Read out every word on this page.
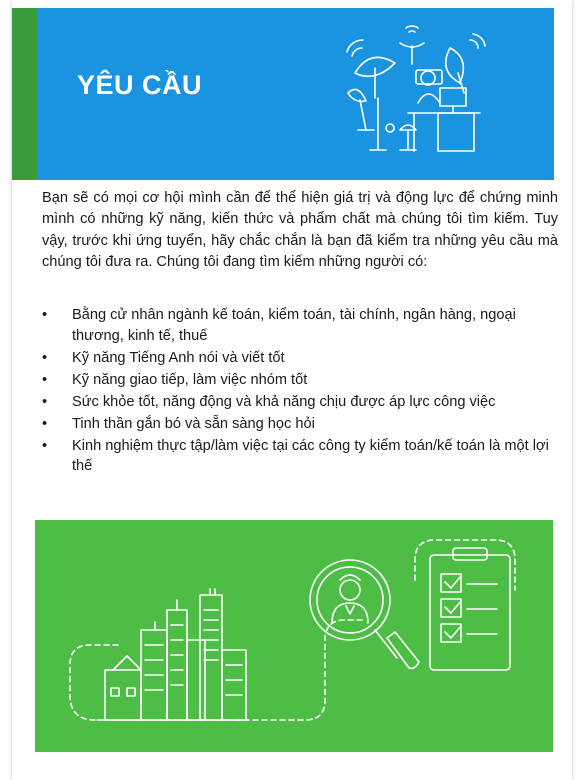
YÊU CẦU

Bạn sẽ có mọi cơ hội mình cần để thể hiện giá trị và động lực để chứng minh mình có những kỹ năng, kiến thức và phẩm chất mà chúng tôi tìm kiếm. Tuy vậy, trước khi ứng tuyển, hãy chắc chắn là bạn đã kiểm tra những yêu cầu mà chúng tôi đưa ra. Chúng tôi đang tìm kiếm những người có:

• Bằng cử nhân ngành kế toán, kiểm toán, tài chính, ngân hàng, ngoại thương, kinh tế, thuế
• Kỹ năng Tiếng Anh nói và viết tốt
• Kỹ năng giao tiếp, làm việc nhóm tốt
• Sức khỏe tốt, năng động và khả năng chịu được áp lực công việc
• Tinh thần gắn bó và sẵn sàng học hỏi
• Kinh nghiệm thực tập/làm việc tại các công ty kiểm toán/kế toán là một lợi thế
